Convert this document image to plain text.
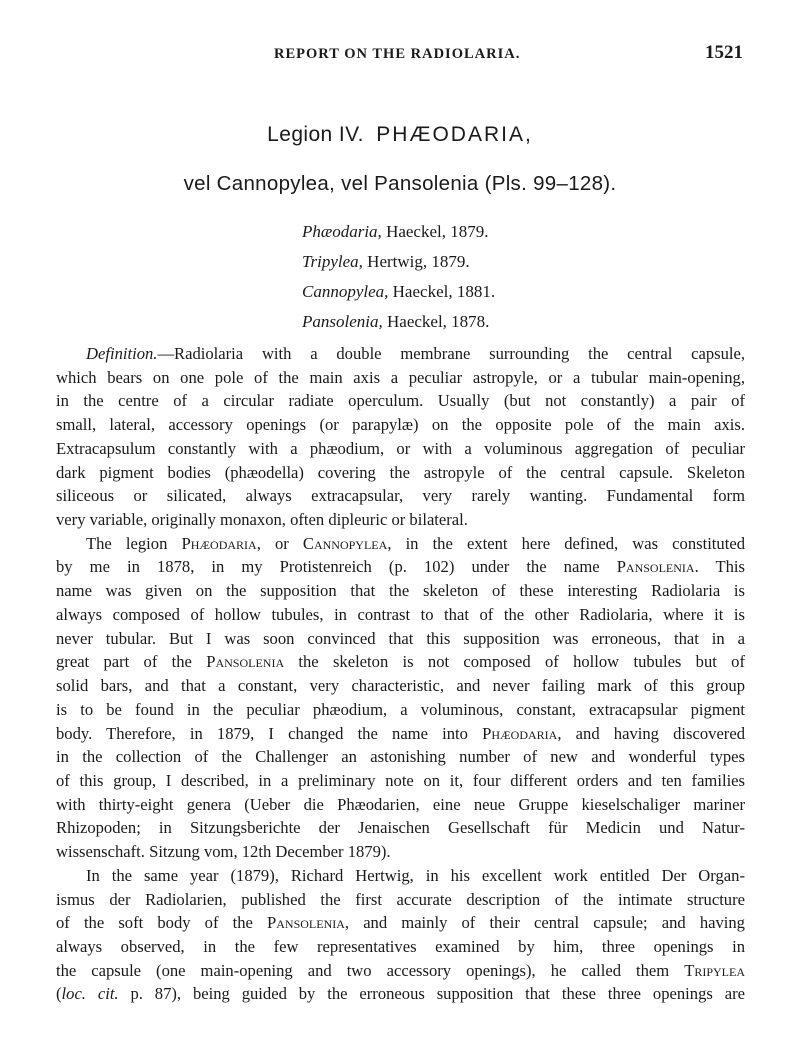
REPORT ON THE RADIOLARIA.	1521
Legion IV. PHÆODARIA,
vel Cannopylea, vel Pansolenia (Pls. 99–128).
Phæodaria, Haeckel, 1879.
Tripylea, Hertwig, 1879.
Cannopylea, Haeckel, 1881.
Pansolenia, Haeckel, 1878.
Definition.—Radiolaria with a double membrane surrounding the central capsule,
which bears on one pole of the main axis a peculiar astropyle, or a tubular main-opening,
in the centre of a circular radiate operculum. Usually (but not constantly) a pair of
small, lateral, accessory openings (or parapylæ) on the opposite pole of the main axis.
Extracapsulum constantly with a phæodium, or with a voluminous aggregation of peculiar
dark pigment bodies (phæodella) covering the astropyle of the central capsule. Skeleton
siliceous or silicated, always extracapsular, very rarely wanting. Fundamental form
very variable, originally monaxon, often dipleuric or bilateral.
The legion Phæodaria, or Cannopylea, in the extent here defined, was constituted
by me in 1878, in my Protistenreich (p. 102) under the name Pansolenia. This
name was given on the supposition that the skeleton of these interesting Radiolaria is
always composed of hollow tubules, in contrast to that of the other Radiolaria, where it is
never tubular. But I was soon convinced that this supposition was erroneous, that in a
great part of the Pansolenia the skeleton is not composed of hollow tubules but of
solid bars, and that a constant, very characteristic, and never failing mark of this group
is to be found in the peculiar phæodium, a voluminous, constant, extracapsular pigment
body. Therefore, in 1879, I changed the name into Phæodaria, and having discovered
in the collection of the Challenger an astonishing number of new and wonderful types
of this group, I described, in a preliminary note on it, four different orders and ten families
with thirty-eight genera (Ueber die Phæodarien, eine neue Gruppe kieselschaliger mariner
Rhizopoden; in Sitzungsberichte der Jenaischen Gesellschaft für Medicin und Natur-
wissenschaft. Sitzung vom, 12th December 1879).
In the same year (1879), Richard Hertwig, in his excellent work entitled Der Organ-
ismus der Radiolarien, published the first accurate description of the intimate structure
of the soft body of the Pansolenia, and mainly of their central capsule; and having
always observed, in the few representatives examined by him, three openings in
the capsule (one main-opening and two accessory openings), he called them Tripylea
(loc. cit. p. 87), being guided by the erroneous supposition that these three openings are
